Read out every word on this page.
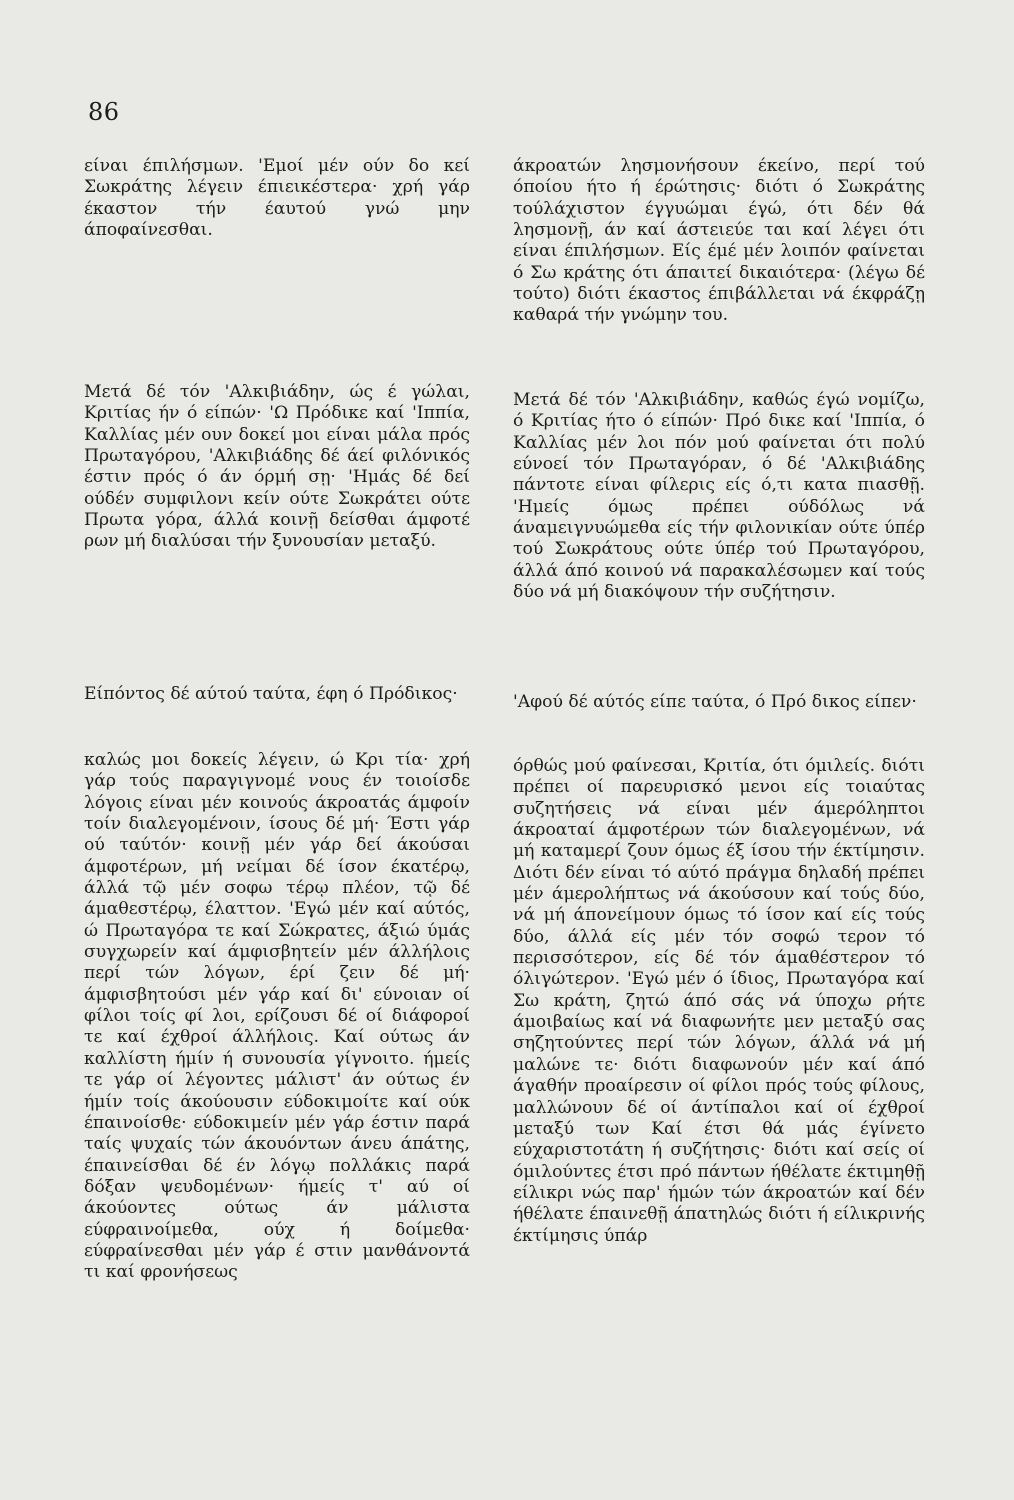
86

είναι έπιλήσμων. 'Εμοί μέν ούν δο κεί Σωκράτης λέγειν έπιεικέστερα· χρή γάρ έκαστον τήν έαυτού γνώ μην άποφαίνεσθαι.

Μετά δέ τόν 'Αλκιβιάδην, ώς έ γώλαι, Κριτίας ήν ό είπών· 'Ω Πρόδικε καί 'Ιππία, Καλλίας μέν ουν δοκεί μοι είναι μάλα πρός Πρωταγόρου, 'Αλκιβιάδης δέ άεί φιλόνικός έστιν πρός ό άν όρμή σῃ· 'Ημάς δέ δεί ούδέν συμφιλονι κείν ούτε Σωκράτει ούτε Πρωτα γόρα, άλλά κοινῇ δείσθαι άμφοτέ ρων μή διαλύσαι τήν ξυνουσίαν μεταξύ.

Είπόντος δέ αύτού ταύτα, έφη ό Πρόδικος·

καλώς μοι δοκείς λέγειν, ώ Κρι τία· χρή γάρ τούς παραγιγνομέ νους έν τοιοίσδε λόγοις είναι μέν κοινούς άκροατάς άμφοίν τοίν διαλεγομένοιν, ίσους δέ μή· Έστι γάρ ού ταύτόν· κοινῇ μέν γάρ δεί άκούσαι άμφοτέρων, μή νείμαι δέ ίσον έκατέρῳ, άλλά τῷ μέν σοφω τέρῳ πλέον, τῷ δέ άμαθεστέρῳ, έλαττον. 'Εγώ μέν καί αύτός, ώ Πρωταγόρα τε καί Σώκρατες, άξιώ ύμάς συγχωρείν καί άμφισβητείν μέν άλλήλοις περί τών λόγων, έρί ζειν δέ μή· άμφισβητούσι μέν γάρ καί δι' εύνοιαν οί φίλοι τοίς φί λοι, ερίζουσι δέ οί διάφοροί τε καί έχθροί άλλήλοις. Καί ούτως άν καλλίστη ήμίν ή συνουσία γίγνοιτο. ήμείς τε γάρ οί λέγοντες μάλιστ' άν ούτως έν ήμίν τοίς άκούουσιν εύδοκιμοίτε καί ούκ έπαινοίσθε· εύδοκιμείν μέν γάρ έστιν παρά ταίς ψυχαίς τών άκουόντων άνευ άπάτης, έπαινείσθαι δέ έν λόγῳ πολλάκις παρά δόξαν ψευδομένων· ήμείς τ' αύ οί άκούοντες ούτως άν μάλιστα εύφραινοίμεθα, ούχ ή δοίμεθα· εύφραίνεσθαι μέν γάρ έ στιν μανθάνοντά τι καί φρονήσεως

άκροατών λησμονήσουν έκείνο, περί τού όποίου ήτο ή έρώτησις· διότι ό Σωκράτης τούλάχιστον έγγυώμαι έγώ, ότι δέν θά λησμονῇ, άν καί άστειεύε ται καί λέγει ότι είναι έπιλήσμων. Είς έμέ μέν λοιπόν φαίνεται ό Σω κράτης ότι άπαιτεί δικαιότερα· (λέγω δέ τούτο) διότι έκαστος έπιβάλλεται νά έκφράζῃ καθαρά τήν γνώμην του.

Μετά δέ τόν 'Αλκιβιάδην, καθώς έγώ νομίζω, ό Κριτίας ήτο ό είπών· Πρό δικε καί 'Ιππία, ό Καλλίας μέν λοι πόν μού φαίνεται ότι πολύ εύνοεί τόν Πρωταγόραν, ό δέ 'Αλκιβιάδης πάντοτε είναι φίλερις είς ό,τι κατα πιασθῇ. 'Ημείς όμως πρέπει ούδόλως νά άναμειγνυώμεθα είς τήν φιλονικίαν ούτε ύπέρ τού Σωκράτους ούτε ύπέρ τού Πρωταγόρου, άλλά άπό κοινού νά παρακαλέσωμεν καί τούς δύο νά μή διακόψουν τήν συζήτησιν.

'Αφού δέ αύτός είπε ταύτα, ό Πρό δικος είπεν·

όρθώς μού φαίνεσαι, Κριτία, ότι όμιλείς. διότι πρέπει οί παρευρισκό μενοι είς τοιαύτας συζητήσεις νά είναι μέν άμερόληπτοι άκροαταί άμφοτέρων τών διαλεγομένων, νά μή καταμερί ζουν όμως έξ ίσου τήν έκτίμησιν. Διότι δέν είναι τό αύτό πράγμα δηλαδή πρέπει μέν άμερολήπτως νά άκούσουν καί τούς δύο, νά μή άπονείμουν όμως τό ίσον καί είς τούς δύο, άλλά είς μέν τόν σοφώ τερον τό περισσότερον, είς δέ τόν άμαθέστερον τό όλιγώτερον. 'Εγώ μέν ό ίδιος, Πρωταγόρα καί Σω κράτη, ζητώ άπό σάς νά ύποχω ρήτε άμοιβαίως καί νά διαφωνήτε μεν μεταξύ σας σηζητούντες περί τών λόγων, άλλά νά μή μαλώνε τε· διότι διαφωνούν μέν καί άπό άγαθήν προαίρεσιν οί φίλοι πρός τούς φίλους, μαλλώνουν δέ οί άντίπαλοι καί οί έχθροί μεταξύ των Καί έτσι θά μάς έγίνετο εύχαριστοτάτη ή συζήτησις· διότι καί σείς οί όμιλούντες έτσι πρό πάντων ήθέλατε έκτιμηθῇ είλικρι νώς παρ' ήμών τών άκροατών καί δέν ήθέλατε έπαινεθῇ άπατηλώς διότι ή είλικρινής έκτίμησις ύπάρ
